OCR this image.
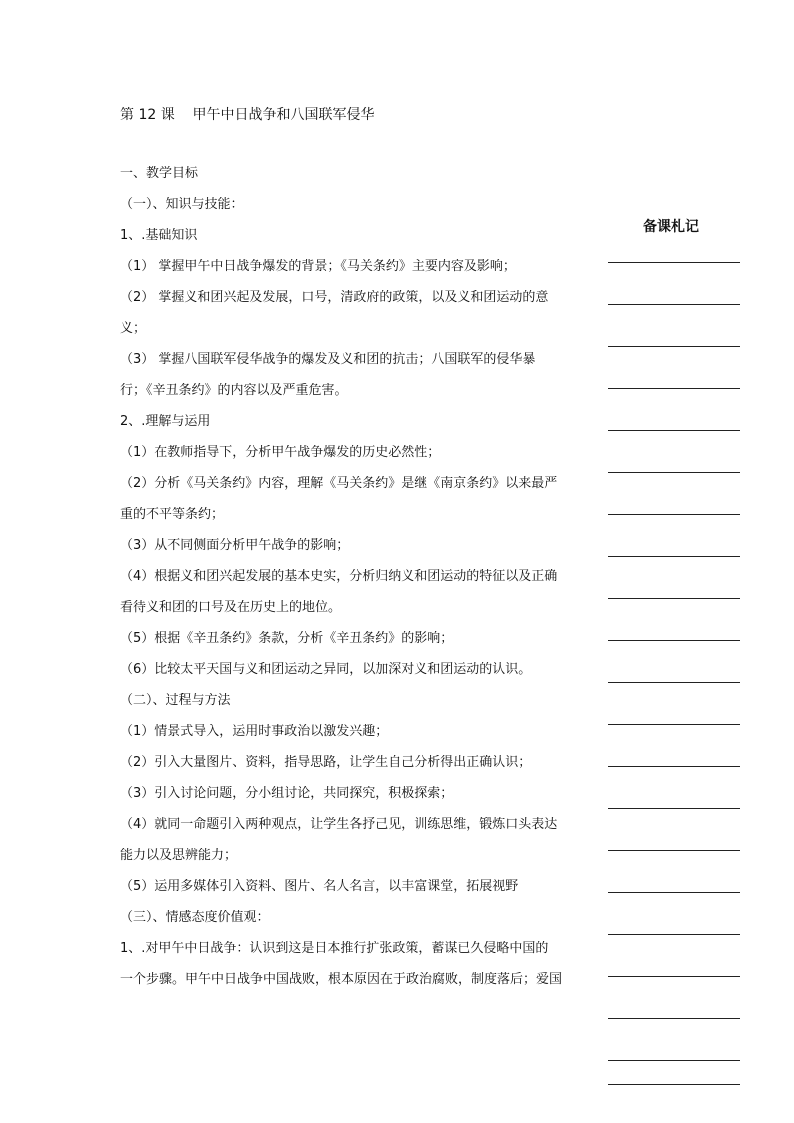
第 12 课    甲午中日战争和八国联军侵华
备课札记
一、教学目标
（一）、知识与技能：
1、.基础知识
（1） 掌握甲午中日战争爆发的背景；《马关条约》主要内容及影响；
（2） 掌握义和团兴起及发展，口号，清政府的政策，以及义和团运动的意
义；
（3） 掌握八国联军侵华战争的爆发及义和团的抗击；八国联军的侵华暴
行；《辛丑条约》的内容以及严重危害。
2、.理解与运用
（1）在教师指导下，分析甲午战争爆发的历史必然性；
（2）分析《马关条约》内容，理解《马关条约》是继《南京条约》以来最严
重的不平等条约；
（3）从不同侧面分析甲午战争的影响；
（4）根据义和团兴起发展的基本史实，分析归纳义和团运动的特征以及正确
看待义和团的口号及在历史上的地位。
（5）根据《辛丑条约》条款，分析《辛丑条约》的影响；
（6）比较太平天国与义和团运动之异同，以加深对义和团运动的认识。
（二）、过程与方法
（1）情景式导入，运用时事政治以激发兴趣；
（2）引入大量图片、资料，指导思路，让学生自己分析得出正确认识；
（3）引入讨论问题，分小组讨论，共同探究，积极探索；
（4）就同一命题引入两种观点，让学生各抒己见，训练思维，锻炼口头表达
能力以及思辨能力；
（5）运用多媒体引入资料、图片、名人名言，以丰富课堂，拓展视野
（三）、情感态度价值观：
1、.对甲午中日战争：认识到这是日本推行扩张政策，蓄谋已久侵略中国的
一个步骤。甲午中日战争中国战败，根本原因在于政治腐败，制度落后；爱国
